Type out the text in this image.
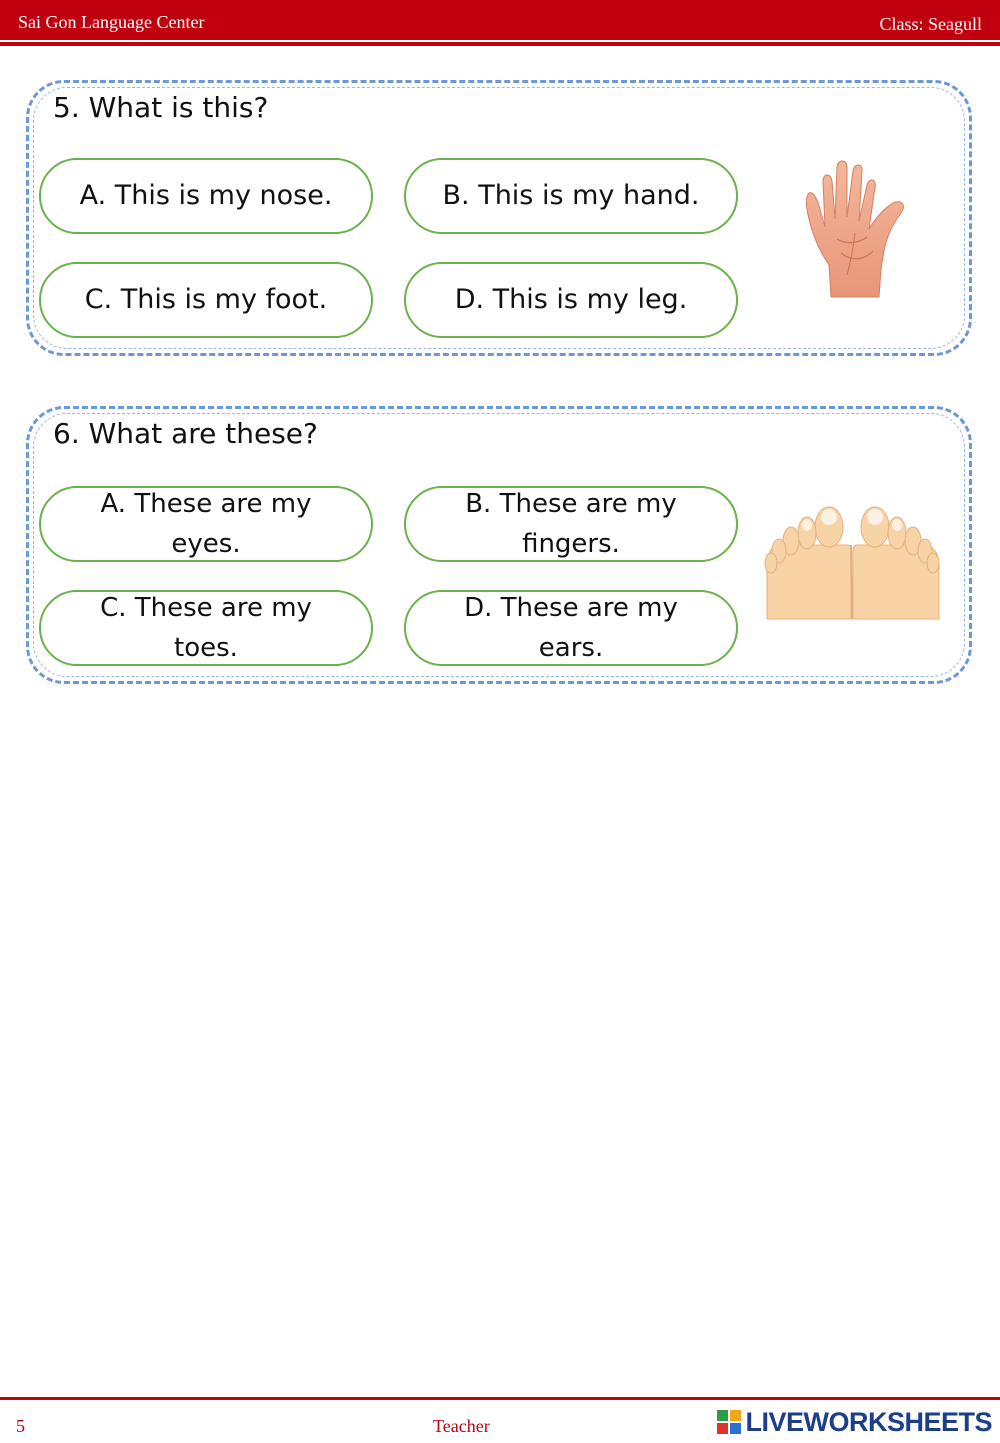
Sai Gon Language Center	Class: Seagull
5. What is this?
A. This is my nose.	B. This is my hand.
C. This is my foot.	D. This is my leg.
6. What are these?
A. These are my eyes.
B. These are my fingers.
C. These are my toes.
D. These are my ears.
5	Teacher	LIVEWORKSHEETS
